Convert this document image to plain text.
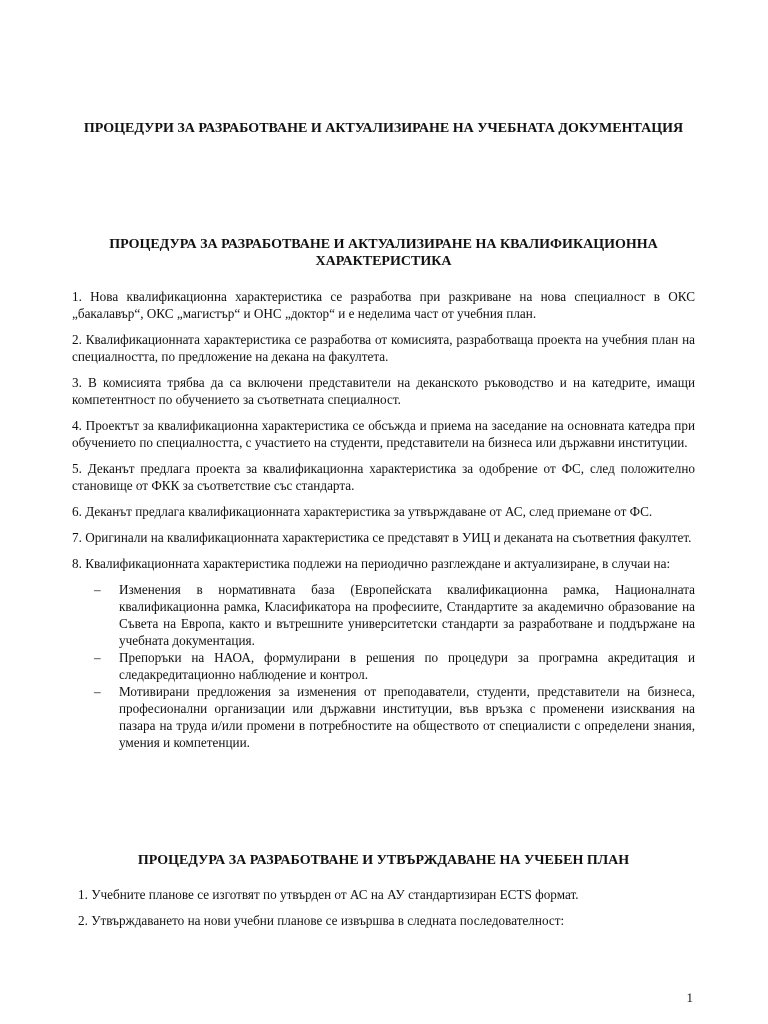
ПРОЦЕДУРИ ЗА РАЗРАБОТВАНЕ И АКТУАЛИЗИРАНЕ НА УЧЕБНАТА ДОКУМЕНТАЦИЯ
ПРОЦЕДУРА ЗА РАЗРАБОТВАНЕ И АКТУАЛИЗИРАНЕ НА КВАЛИФИКАЦИОННА ХАРАКТЕРИСТИКА

1. Нова квалификационна характеристика се разработва при разкриване на нова специалност в ОКС „бакалавър“, ОКС „магистър“ и ОНС „доктор“ и е неделима част от учебния план.

2. Квалификационната характеристика се разработва от комисията, разработваща проекта на учебния план на специалността, по предложение на декана на факултета.

3. В комисията трябва да са включени представители на деканското ръководство и на катедрите, имащи компетентност по обучението за съответната специалност.

4. Проектът за квалификационна характеристика се обсъжда и приема на заседание на основната катедра при обучението по специалността, с участието на студенти, представители на бизнеса или държавни институции.

5. Деканът предлага проекта за квалификационна характеристика за одобрение от ФС, след положително становище от ФКК за съответствие със стандарта.

6. Деканът предлага квалификационната характеристика за утвърждаване от АС, след приемане от ФС.

7. Оригинали на квалификационната характеристика се представят в УИЦ и деканата на съответния факултет.

8. Квалификационната характеристика подлежи на периодично разглеждане и актуализиране, в случаи на:

– Изменения в нормативната база (Европейската квалификационна рамка, Националната квалификационна рамка, Класификатора на професиите, Стандартите за академично образование на Съвета на Европа, както и вътрешните университетски стандарти за разработване и поддържане на учебната документация.
– Препоръки на НАОА, формулирани в решения по процедури за програмна акредитация и следакредитационно наблюдение и контрол.
– Мотивирани предложения за изменения от преподаватели, студенти, представители на бизнеса, професионални организации или държавни институции, във връзка с променени изисквания на пазара на труда и/или промени в потребностите на обществото от специалисти с определени знания, умения и компетенции.
ПРОЦЕДУРА ЗА РАЗРАБОТВАНЕ И УТВЪРЖДАВАНЕ НА УЧЕБЕН ПЛАН

1. Учебните планове се изготвят по утвърден от АС на АУ стандартизиран ECTS формат.

2. Утвърждаването на нови учебни планове се извършва в следната последователност:

1
